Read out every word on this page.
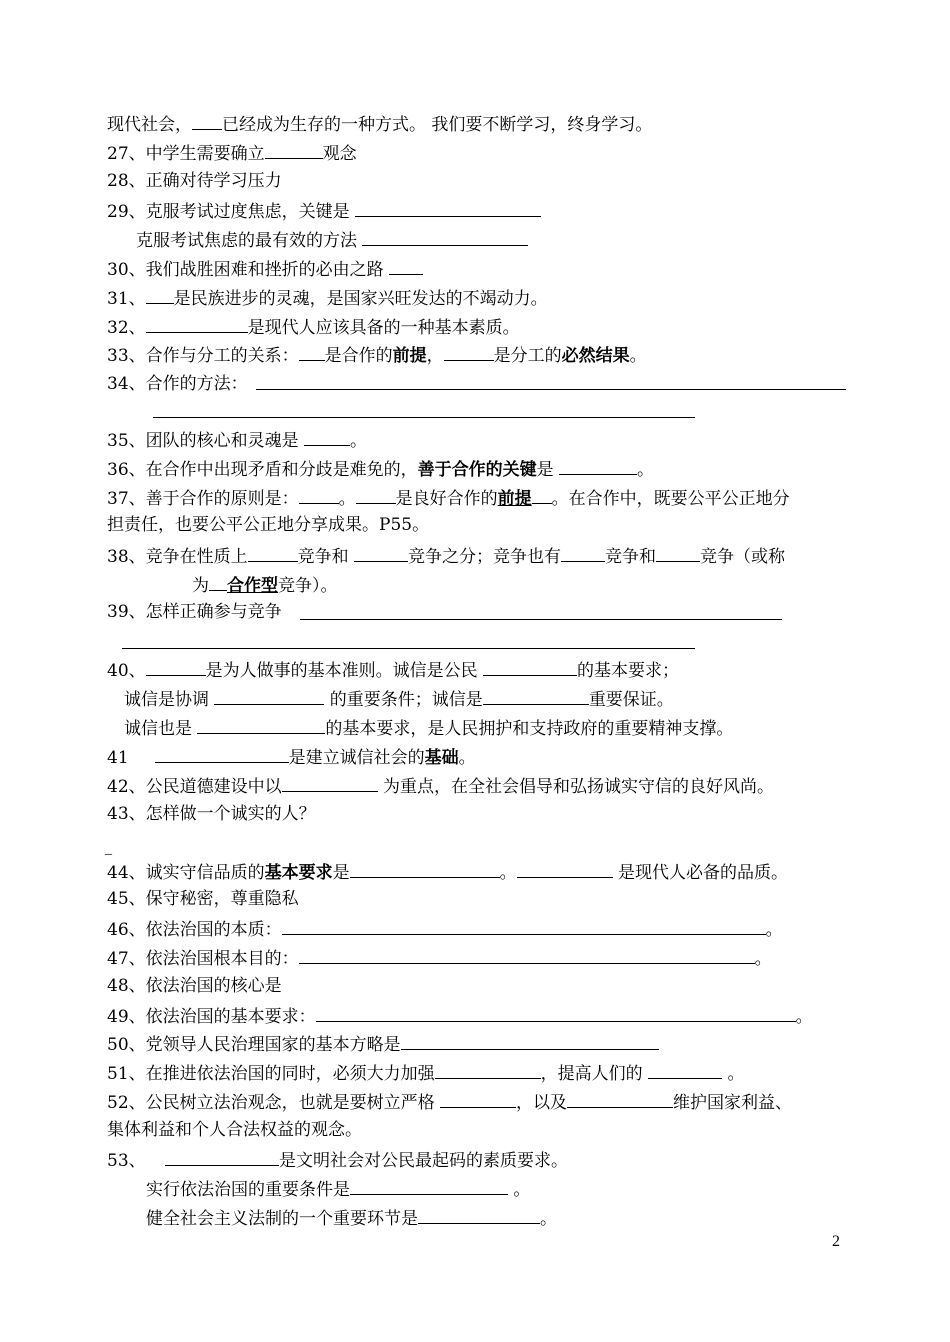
现代社会， 已经成为生存的一种方式。 我们要不断学习，终身学习。
27、中学生需要确立	观念
28、正确对待学习压力
29、克服考试过度焦虑，关键是
克服考试焦虑的最有效的方法
30、我们战胜困难和挫折的必由之路
31、 是民族进步的灵魂，是国家兴旺发达的不竭动力。
32、	是现代人应该具备的一种基本素质。
33、合作与分工的关系： 是合作的前提，	是分工的必然结果。
34、合作的方法：
35、团队的核心和灵魂是	。
36、在合作中出现矛盾和分歧是难免的，善于合作的关键是	。
37、善于合作的原则是： 。 是良好合作的前提 。在合作中，既要公平公正地分
担责任，也要公平公正地分享成果。P55。
38、竞争在性质上	竞争和	竞争之分；竞争也有	竞争和	竞争（或称
为 合作型竞争）。
39、怎样正确参与竞争
40、	是为人做事的基本准则。诚信是公民	的基本要求；
诚信是协调	的重要条件；诚信是	重要保证。
诚信也是	的基本要求，是人民拥护和支持政府的重要精神支撑。
41	是建立诚信社会的基础。
42、公民道德建设中以	为重点，在全社会倡导和弘扬诚实守信的良好风尚。
43、怎样做一个诚实的人？
_
44、诚实守信品质的基本要求是	。	是现代人必备的品质。
45、保守秘密，尊重隐私
46、依法治国的本质：	。
47、依法治国根本目的：	。
48、依法治国的核心是
49、依法治国的基本要求：	。
50、党领导人民治理国家的基本方略是
51、在推进依法治国的同时，必须大力加强	，提高人们的	。
52、公民树立法治观念，也就是要树立严格	，以及	维护国家利益、
集体利益和个人合法权益的观念。
53、	是文明社会对公民最起码的素质要求。
实行依法治国的重要条件是	。
健全社会主义法制的一个重要环节是	。
2
